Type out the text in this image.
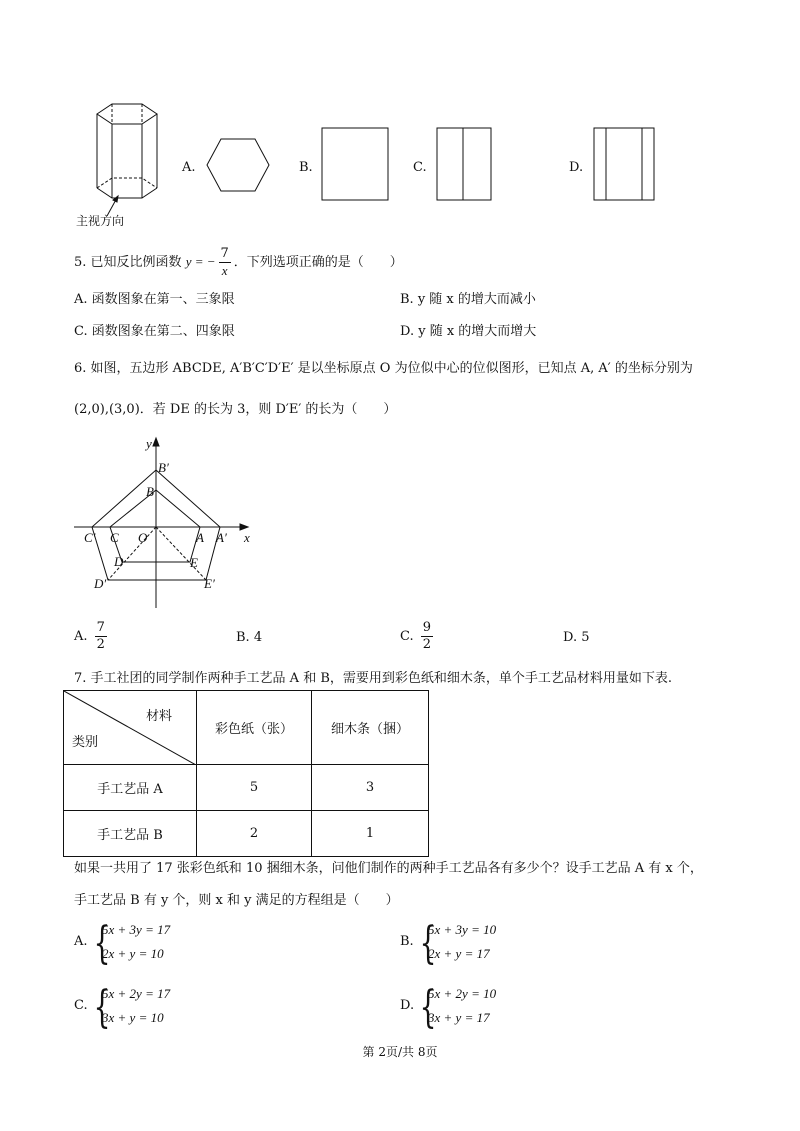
主视方向
A.	B.	C.	D.
5. 已知反比例函数 y = − $\frac{7}{x}$ ．下列选项正确的是（　　）
A. 函数图象在第一、三象限	B. y 随 x 的增大而减小
C. 函数图象在第二、四象限	D. y 随 x 的增大而增大
6. 如图，五边形 ABCDE, A′B′C′D′E′ 是以坐标原点 O 为位似中心的位似图形，已知点 A, A′ 的坐标分别为
(2,0),(3,0)．若 DE 的长为 3，则 D′E′ 的长为（　　）
y
x
O	A A′
B
B′
C
C′
D
D′
E
E′
A. $\frac{7}{2}$	B. 4	C. $\frac{9}{2}$	D. 5
7. 手工社团的同学制作两种手工艺品 A 和 B，需要用到彩色纸和细木条，单个手工艺品材料用量如下表.
材料
类别	彩色纸（张）	细木条（捆）
手工艺品 A	5	3
手工艺品 B	2	1
如果一共用了 17 张彩色纸和 10 捆细木条，问他们制作的两种手工艺品各有多少个？设手工艺品 A 有 x 个，
手工艺品 B 有 y 个，则 x 和 y 满足的方程组是（　　）
A. {
5x + 3y = 17
2x + y = 10
B. {
5x + 3y = 10
2x + y = 17
C. {
5x + 2y = 17
3x + y = 10
D. {
5x + 2y = 10
3x + y = 17
第 2页/共 8页
